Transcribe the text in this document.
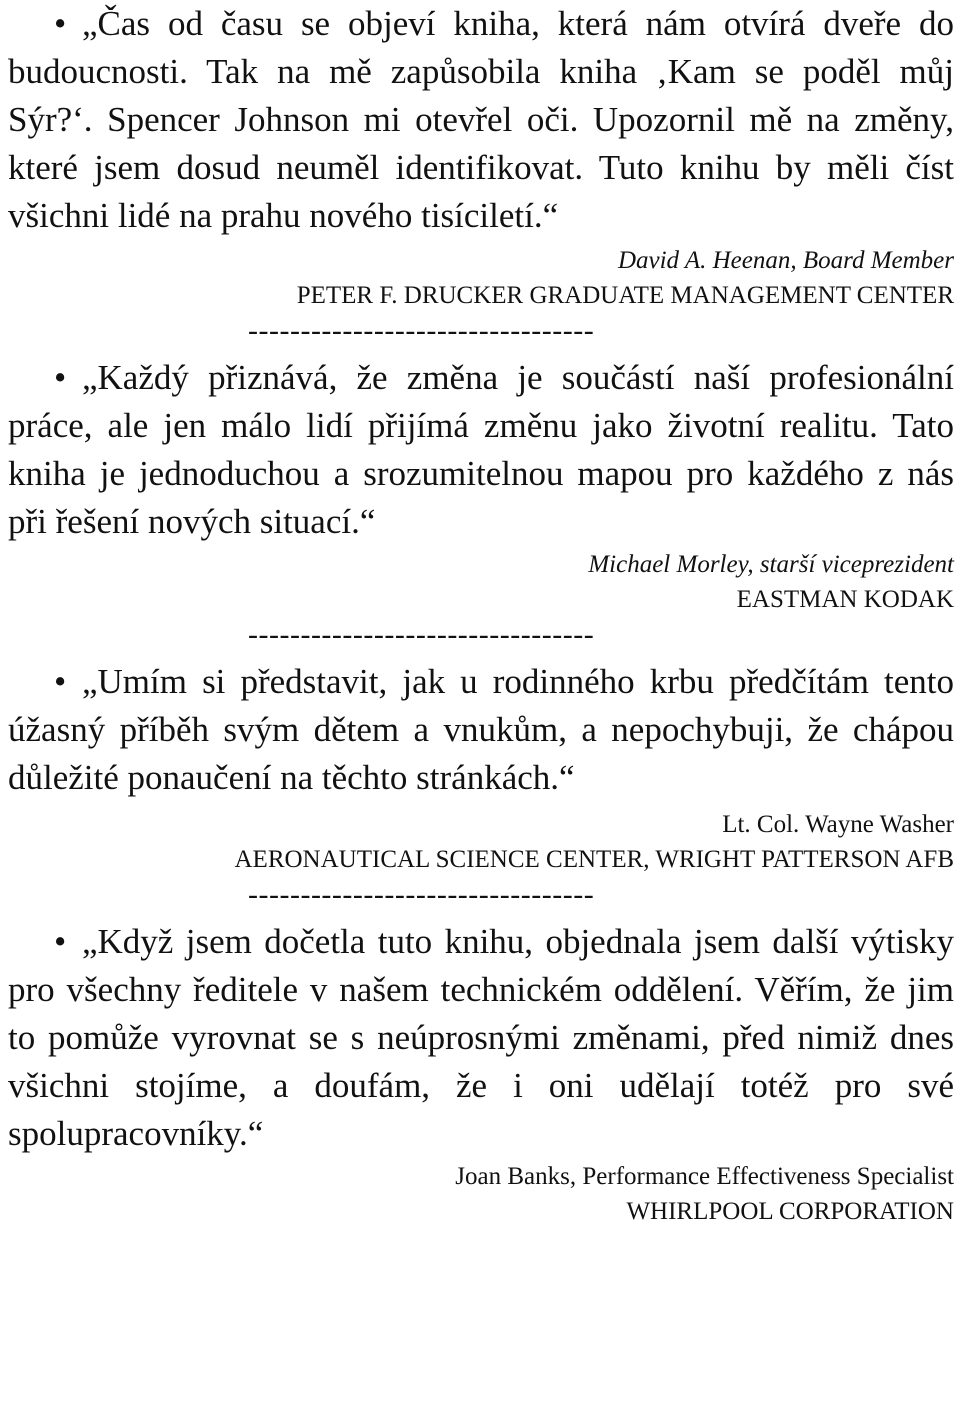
• „Čas od času se objeví kniha, která nám otvírá dveře do budoucnosti. Tak na mě zapůsobila kniha ‚Kam se poděl můj Sýr?‘. Spencer Johnson mi otevřel oči. Upozornil mě na změny, které jsem dosud neuměl identifikovat. Tuto knihu by měli číst všichni lidé na prahu nového tisíciletí.“

David A. Heenan, Board Member

PETER F. DRUCKER GRADUATE MANAGEMENT CENTER

---------------------------------

• „Každý přiznává, že změna je součástí naší profesionální práce, ale jen málo lidí přijímá změnu jako životní realitu. Tato kniha je jednoduchou a srozumitelnou mapou pro každého z nás při řešení nových situací.“

Michael Morley, starší viceprezident

EASTMAN KODAK

---------------------------------

• „Umím si představit, jak u rodinného krbu předčítám tento úžasný příběh svým dětem a vnukům, a nepochybuji, že chápou důležité ponaučení na těchto stránkách.“

Lt. Col. Wayne Washer

AERONAUTICAL SCIENCE CENTER, WRIGHT PATTERSON AFB

---------------------------------

• „Když jsem dočetla tuto knihu, objednala jsem další výtisky pro všechny ředitele v našem technickém oddělení. Věřím, že jim to pomůže vyrovnat se s neúprosnými změnami, před nimiž dnes všichni stojíme, a doufám, že i oni udělají totéž pro své spolupracovníky.“

Joan Banks, Performance Effectiveness Specialist

WHIRLPOOL CORPORATION
